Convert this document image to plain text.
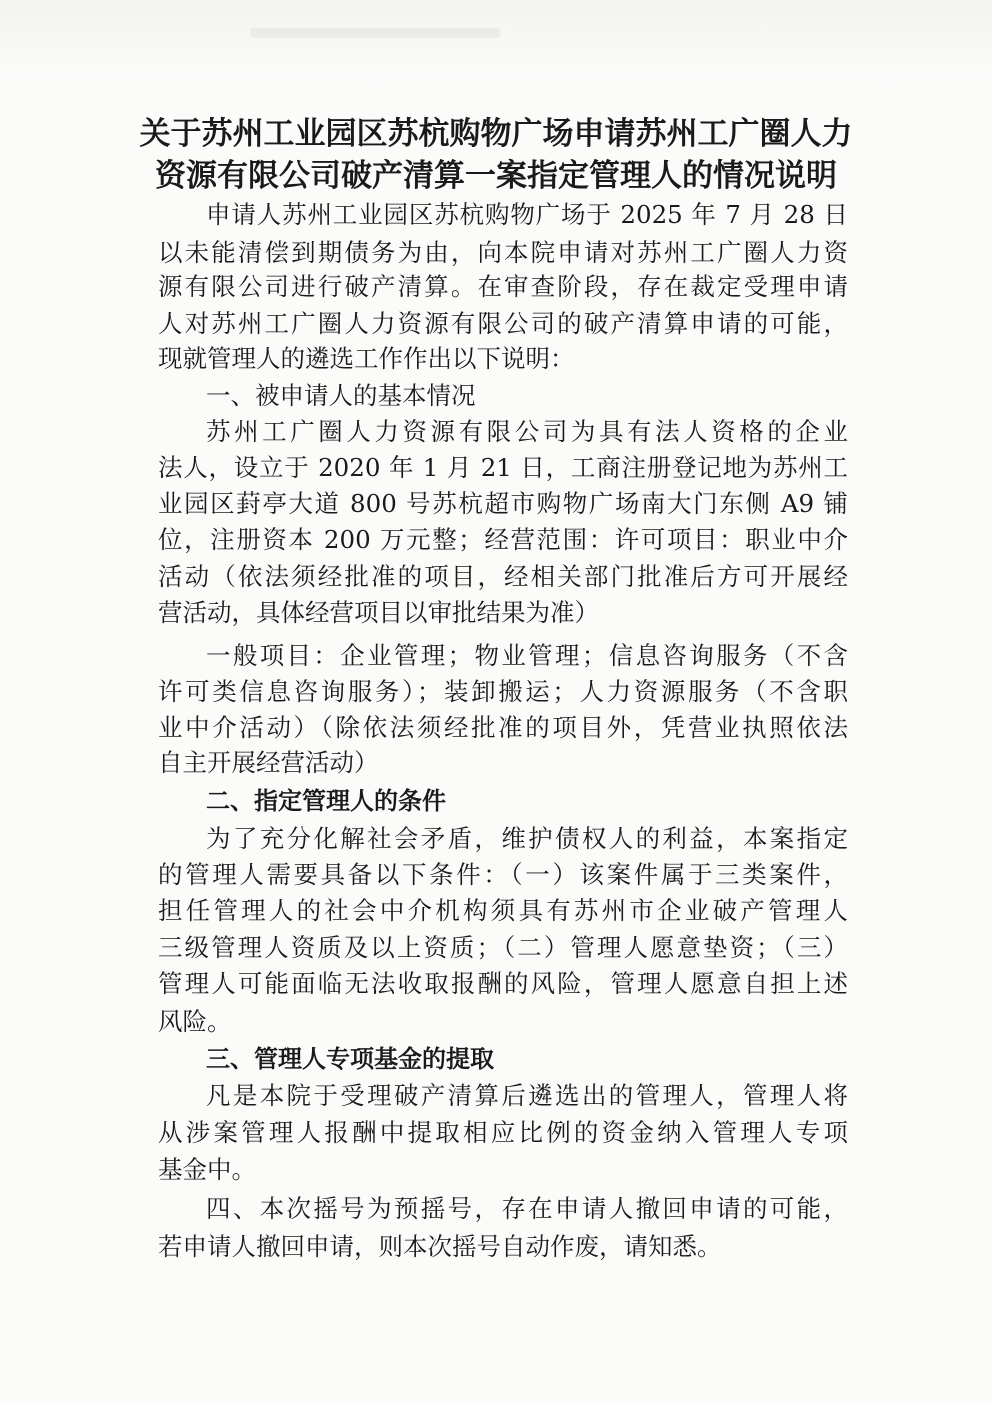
关于苏州工业园区苏杭购物广场申请苏州工广圈人力
资源有限公司破产清算一案指定管理人的情况说明

申请人苏州工业园区苏杭购物广场于 2025 年 7 月 28 日

以未能清偿到期债务为由，向本院申请对苏州工广圈人力资

源有限公司进行破产清算。在审查阶段，存在裁定受理申请

人对苏州工广圈人力资源有限公司的破产清算申请的可能，

现就管理人的遴选工作作出以下说明：

一、被申请人的基本情况

苏州工广圈人力资源有限公司为具有法人资格的企业

法人，设立于 2020 年 1 月 21 日，工商注册登记地为苏州工

业园区葑亭大道 800 号苏杭超市购物广场南大门东侧 A9 铺

位，注册资本 200 万元整；经营范围：许可项目：职业中介

活动（依法须经批准的项目，经相关部门批准后方可开展经

营活动，具体经营项目以审批结果为准）

一般项目：企业管理；物业管理；信息咨询服务（不含

许可类信息咨询服务）；装卸搬运；人力资源服务（不含职

业中介活动）（除依法须经批准的项目外，凭营业执照依法

自主开展经营活动）

二、指定管理人的条件

为了充分化解社会矛盾，维护债权人的利益，本案指定

的管理人需要具备以下条件：（一）该案件属于三类案件，

担任管理人的社会中介机构须具有苏州市企业破产管理人

三级管理人资质及以上资质；（二）管理人愿意垫资；（三）

管理人可能面临无法收取报酬的风险，管理人愿意自担上述

风险。

三、管理人专项基金的提取

凡是本院于受理破产清算后遴选出的管理人，管理人将

从涉案管理人报酬中提取相应比例的资金纳入管理人专项

基金中。

四、本次摇号为预摇号，存在申请人撤回申请的可能，

若申请人撤回申请，则本次摇号自动作废，请知悉。
